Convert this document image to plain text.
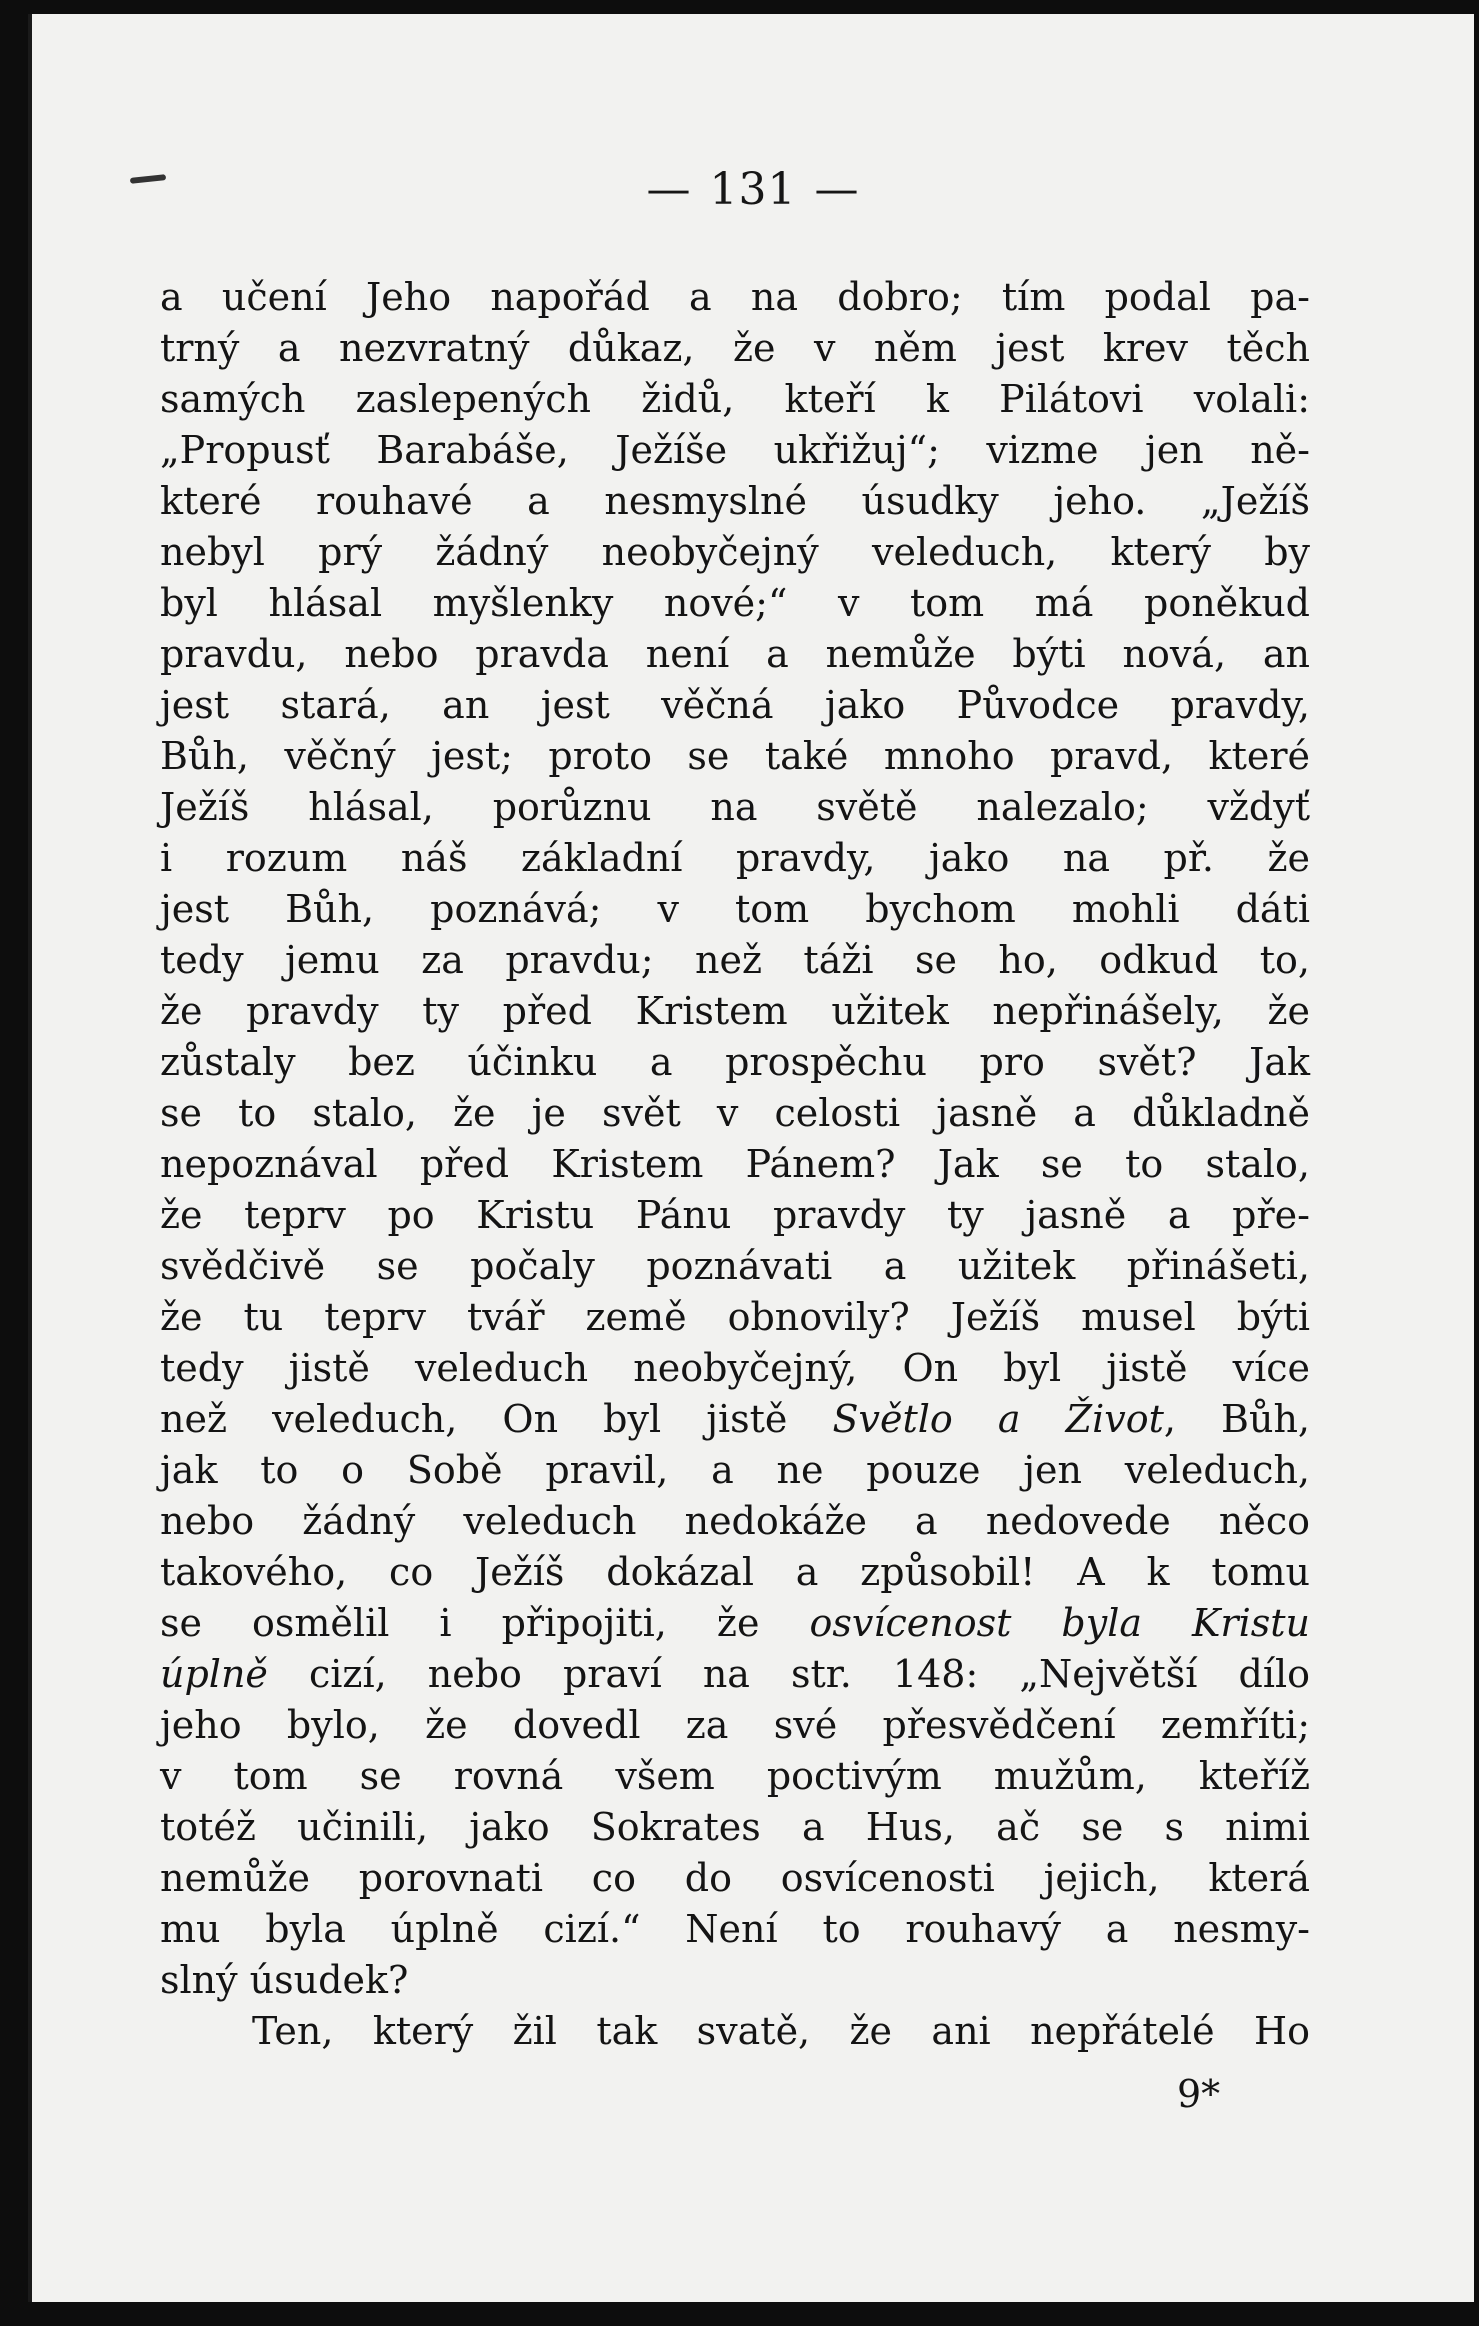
— 131 —
a učení Jeho napořád a na dobro; tím podal pa-
trný a nezvratný důkaz, že v něm jest krev těch
samých zaslepených židů, kteří k Pilátovi volali:
„Propusť Barabáše, Ježíše ukřižuj“; vizme jen ně-
které rouhavé a nesmyslné úsudky jeho. „Ježíš
nebyl prý žádný neobyčejný veleduch, který by
byl hlásal myšlenky nové;“ v tom má poněkud
pravdu, nebo pravda není a nemůže býti nová, an
jest stará, an jest věčná jako Původce pravdy,
Bůh, věčný jest; proto se také mnoho pravd, které
Ježíš hlásal, porůznu na světě nalezalo; vždyť
i rozum náš základní pravdy, jako na př. že
jest Bůh, poznává; v tom bychom mohli dáti
tedy jemu za pravdu; než táži se ho, odkud to,
že pravdy ty před Kristem užitek nepřinášely, že
zůstaly bez účinku a prospěchu pro svět? Jak
se to stalo, že je svět v celosti jasně a důkladně
nepoznával před Kristem Pánem? Jak se to stalo,
že teprv po Kristu Pánu pravdy ty jasně a pře-
svědčivě se počaly poznávati a užitek přinášeti,
že tu teprv tvář země obnovily? Ježíš musel býti
tedy jistě veleduch neobyčejný, On byl jistě více
než veleduch, On byl jistě Světlo a Život, Bůh,
jak to o Sobě pravil, a ne pouze jen veleduch,
nebo žádný veleduch nedokáže a nedovede něco
takového, co Ježíš dokázal a způsobil! A k tomu
se osmělil i připojiti, že osvícenost byla Kristu
úplně cizí, nebo praví na str. 148: „Největší dílo
jeho bylo, že dovedl za své přesvědčení zemříti;
v tom se rovná všem poctivým mužům, kteříž
totéž učinili, jako Sokrates a Hus, ač se s nimi
nemůže porovnati co do osvícenosti jejich, která
mu byla úplně cizí.“ Není to rouhavý a nesmy-
slný úsudek?
Ten, který žil tak svatě, že ani nepřátelé Ho
9*
